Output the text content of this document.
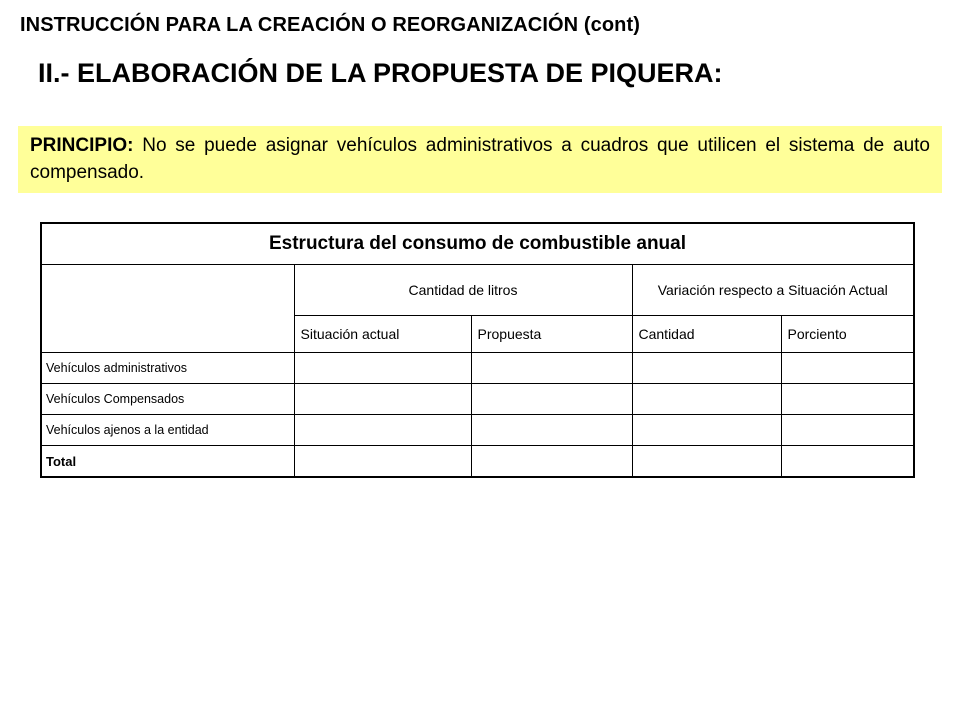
INSTRUCCIÓN PARA LA CREACIÓN O REORGANIZACIÓN (cont)
II.- ELABORACIÓN DE LA PROPUESTA DE PIQUERA:
PRINCIPIO: No se puede asignar vehículos administrativos a cuadros que utilicen el sistema de auto compensado.
Estructura del consumo de combustible anual				
	Cantidad de litros		Variación respecto a Situación Actual	
	Situación actual	Propuesta	Cantidad	Porciento
Vehículos administrativos				
Vehículos Compensados				
Vehículos ajenos a la entidad				
Total				
